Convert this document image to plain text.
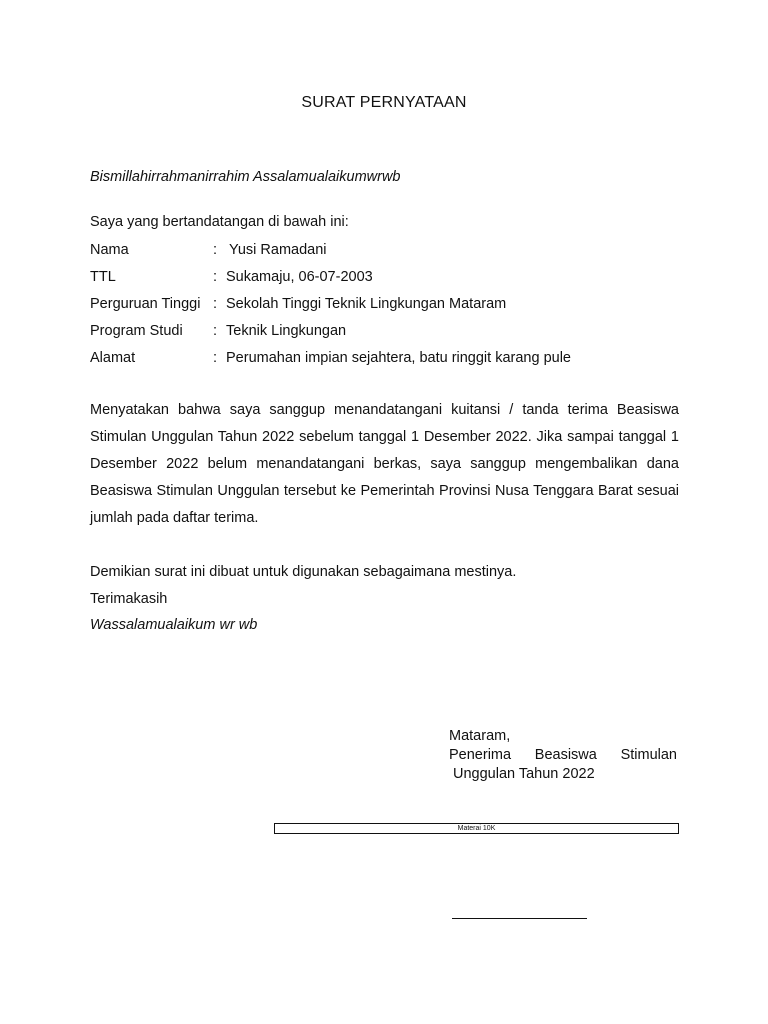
SURAT PERNYATAAN
Bismillahirrahmanirrahim Assalamualaikumwrwb
Saya yang bertandatangan di bawah ini:
Nama	: Yusi Ramadani
TTL	: Sukamaju, 06-07-2003
Perguruan Tinggi : Sekolah Tinggi Teknik Lingkungan Mataram
Program Studi : Teknik Lingkungan
Alamat	: Perumahan impian sejahtera, batu ringgit karang pule
Menyatakan bahwa saya sanggup menandatangani kuitansi / tanda terima Beasiswa Stimulan Unggulan Tahun 2022 sebelum tanggal 1 Desember 2022. Jika sampai tanggal 1 Desember 2022 belum menandatangani berkas, saya sanggup mengembalikan dana Beasiswa Stimulan Unggulan tersebut ke Pemerintah Provinsi Nusa Tenggara Barat sesuai jumlah pada daftar terima.
Demikian surat ini dibuat untuk digunakan sebagaimana mestinya.
Terimakasih
Wassalamualaikum wr wb
Mataram,
Penerima Beasiswa Stimulan
Unggulan Tahun 2022
Materai 10K
